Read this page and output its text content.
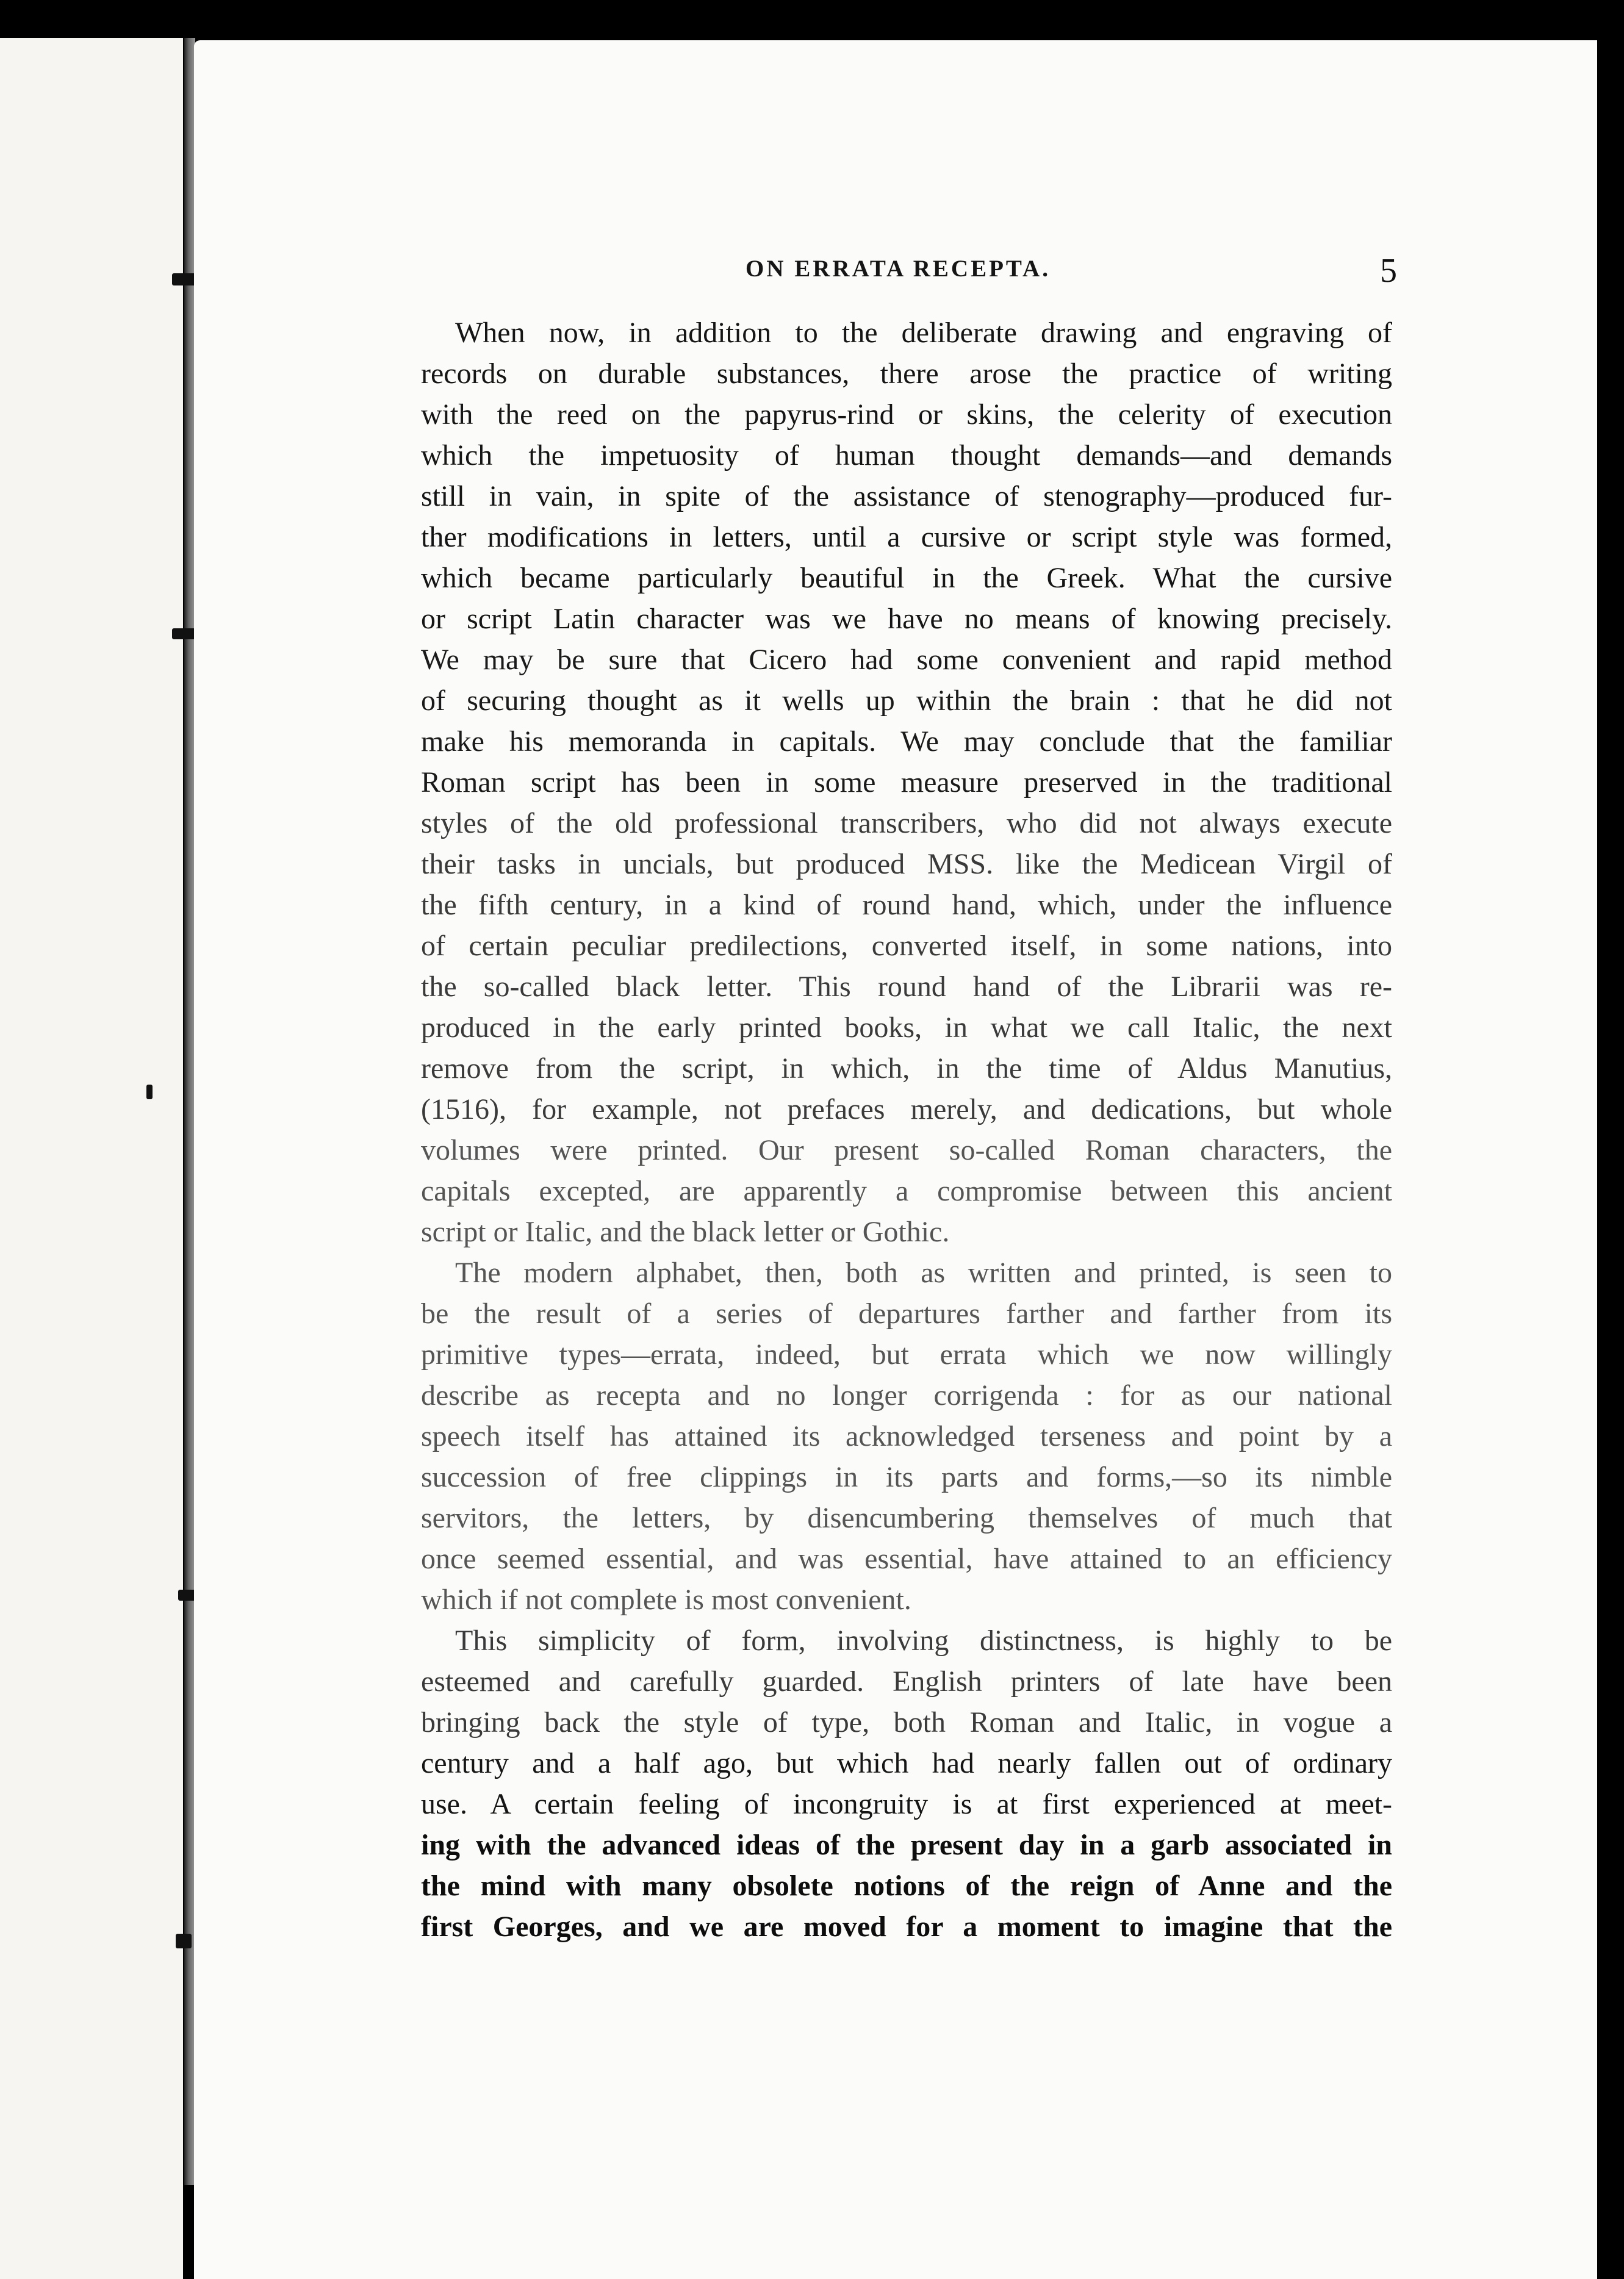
ON ERRATA RECEPTA.	5
When now, in addition to the deliberate drawing and engraving of
records on durable substances, there arose the practice of writing
with the reed on the papyrus-rind or skins, the celerity of execution
which the impetuosity of human thought demands—and demands
still in vain, in spite of the assistance of stenography—produced fur-
ther modifications in letters, until a cursive or script style was formed,
which became particularly beautiful in the Greek. What the cursive
or script Latin character was we have no means of knowing precisely.
We may be sure that Cicero had some convenient and rapid method
of securing thought as it wells up within the brain : that he did not
make his memoranda in capitals. We may conclude that the familiar
Roman script has been in some measure preserved in the traditional
styles of the old professional transcribers, who did not always execute
their tasks in uncials, but produced MSS. like the Medicean Virgil of
the fifth century, in a kind of round hand, which, under the influence
of certain peculiar predilections, converted itself, in some nations, into
the so-called black letter. This round hand of the Librarii was re-
produced in the early printed books, in what we call Italic, the next
remove from the script, in which, in the time of Aldus Manutius,
(1516), for example, not prefaces merely, and dedications, but whole
volumes were printed. Our present so-called Roman characters, the
capitals excepted, are apparently a compromise between this ancient
script or Italic, and the black letter or Gothic.
The modern alphabet, then, both as written and printed, is seen to
be the result of a series of departures farther and farther from its
primitive types—errata, indeed, but errata which we now willingly
describe as recepta and no longer corrigenda : for as our national
speech itself has attained its acknowledged terseness and point by a
succession of free clippings in its parts and forms,—so its nimble
servitors, the letters, by disencumbering themselves of much that
once seemed essential, and was essential, have attained to an efficiency
which if not complete is most convenient.
This simplicity of form, involving distinctness, is highly to be
esteemed and carefully guarded. English printers of late have been
bringing back the style of type, both Roman and Italic, in vogue a
century and a half ago, but which had nearly fallen out of ordinary
use. A certain feeling of incongruity is at first experienced at meet-
ing with the advanced ideas of the present day in a garb associated in
the mind with many obsolete notions of the reign of Anne and the
first Georges, and we are moved for a moment to imagine that the
